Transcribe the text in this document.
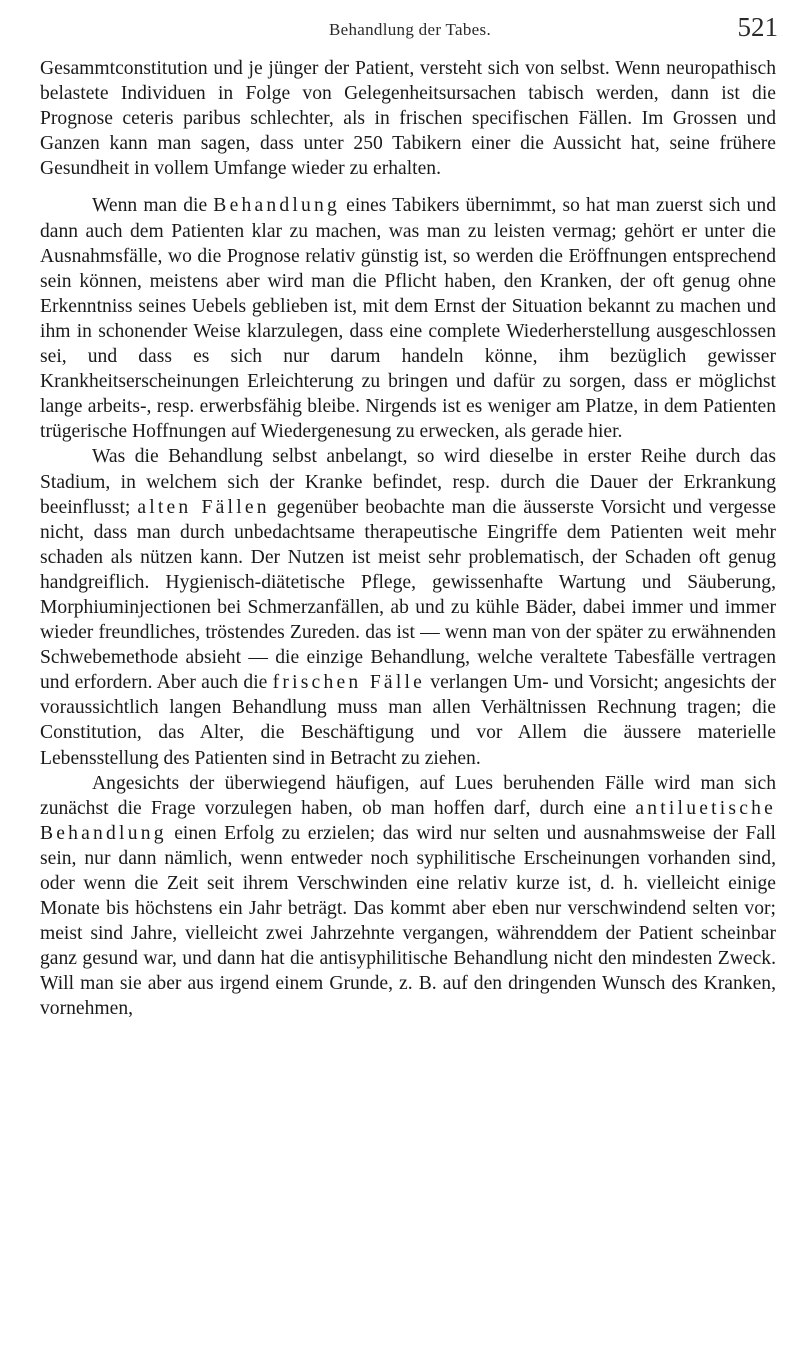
Behandlung der Tabes.	521

Gesammtconstitution und je jünger der Patient, versteht sich von selbst. Wenn neuropathisch belastete Individuen in Folge von Gelegenheitsursachen tabisch werden, dann ist die Prognose ceteris paribus schlechter, als in frischen specifischen Fällen. Im Grossen und Ganzen kann man sagen, dass unter 250 Tabikern einer die Aussicht hat, seine frühere Gesundheit in vollem Umfange wieder zu erhalten.

Wenn man die Behandlung eines Tabikers übernimmt, so hat man zuerst sich und dann auch dem Patienten klar zu machen, was man zu leisten vermag; gehört er unter die Ausnahmsfälle, wo die Prognose relativ günstig ist, so werden die Eröffnungen entsprechend sein können, meistens aber wird man die Pflicht haben, den Kranken, der oft genug ohne Erkenntniss seines Uebels geblieben ist, mit dem Ernst der Situation bekannt zu machen und ihm in schonender Weise klarzulegen, dass eine complete Wiederherstellung ausgeschlossen sei, und dass es sich nur darum handeln könne, ihm bezüglich gewisser Krankheitserscheinungen Erleichterung zu bringen und dafür zu sorgen, dass er möglichst lange arbeits-, resp. erwerbsfähig bleibe. Nirgends ist es weniger am Platze, in dem Patienten trügerische Hoffnungen auf Wiedergenesung zu erwecken, als gerade hier.

Was die Behandlung selbst anbelangt, so wird dieselbe in erster Reihe durch das Stadium, in welchem sich der Kranke befindet, resp. durch die Dauer der Erkrankung beeinflusst; alten Fällen gegenüber beobachte man die äusserste Vorsicht und vergesse nicht, dass man durch unbedachtsame therapeutische Eingriffe dem Patienten weit mehr schaden als nützen kann. Der Nutzen ist meist sehr problematisch, der Schaden oft genug handgreiflich. Hygienisch-diätetische Pflege, gewissenhafte Wartung und Säuberung, Morphiuminjectionen bei Schmerzanfällen, ab und zu kühle Bäder, dabei immer und immer wieder freundliches, tröstendes Zureden. das ist — wenn man von der später zu erwähnenden Schwebemethode absieht — die einzige Behandlung, welche veraltete Tabesfälle vertragen und erfordern. Aber auch die frischen Fälle verlangen Um- und Vorsicht; angesichts der voraussichtlich langen Behandlung muss man allen Verhältnissen Rechnung tragen; die Constitution, das Alter, die Beschäftigung und vor Allem die äussere materielle Lebensstellung des Patienten sind in Betracht zu ziehen.

Angesichts der überwiegend häufigen, auf Lues beruhenden Fälle wird man sich zunächst die Frage vorzulegen haben, ob man hoffen darf, durch eine antiluetische Behandlung einen Erfolg zu erzielen; das wird nur selten und ausnahmsweise der Fall sein, nur dann nämlich, wenn entweder noch syphilitische Erscheinungen vorhanden sind, oder wenn die Zeit seit ihrem Verschwinden eine relativ kurze ist, d. h. vielleicht einige Monate bis höchstens ein Jahr beträgt. Das kommt aber eben nur verschwindend selten vor; meist sind Jahre, vielleicht zwei Jahrzehnte vergangen, währenddem der Patient scheinbar ganz gesund war, und dann hat die antisyphilitische Behandlung nicht den mindesten Zweck. Will man sie aber aus irgend einem Grunde, z. B. auf den dringenden Wunsch des Kranken, vornehmen,
